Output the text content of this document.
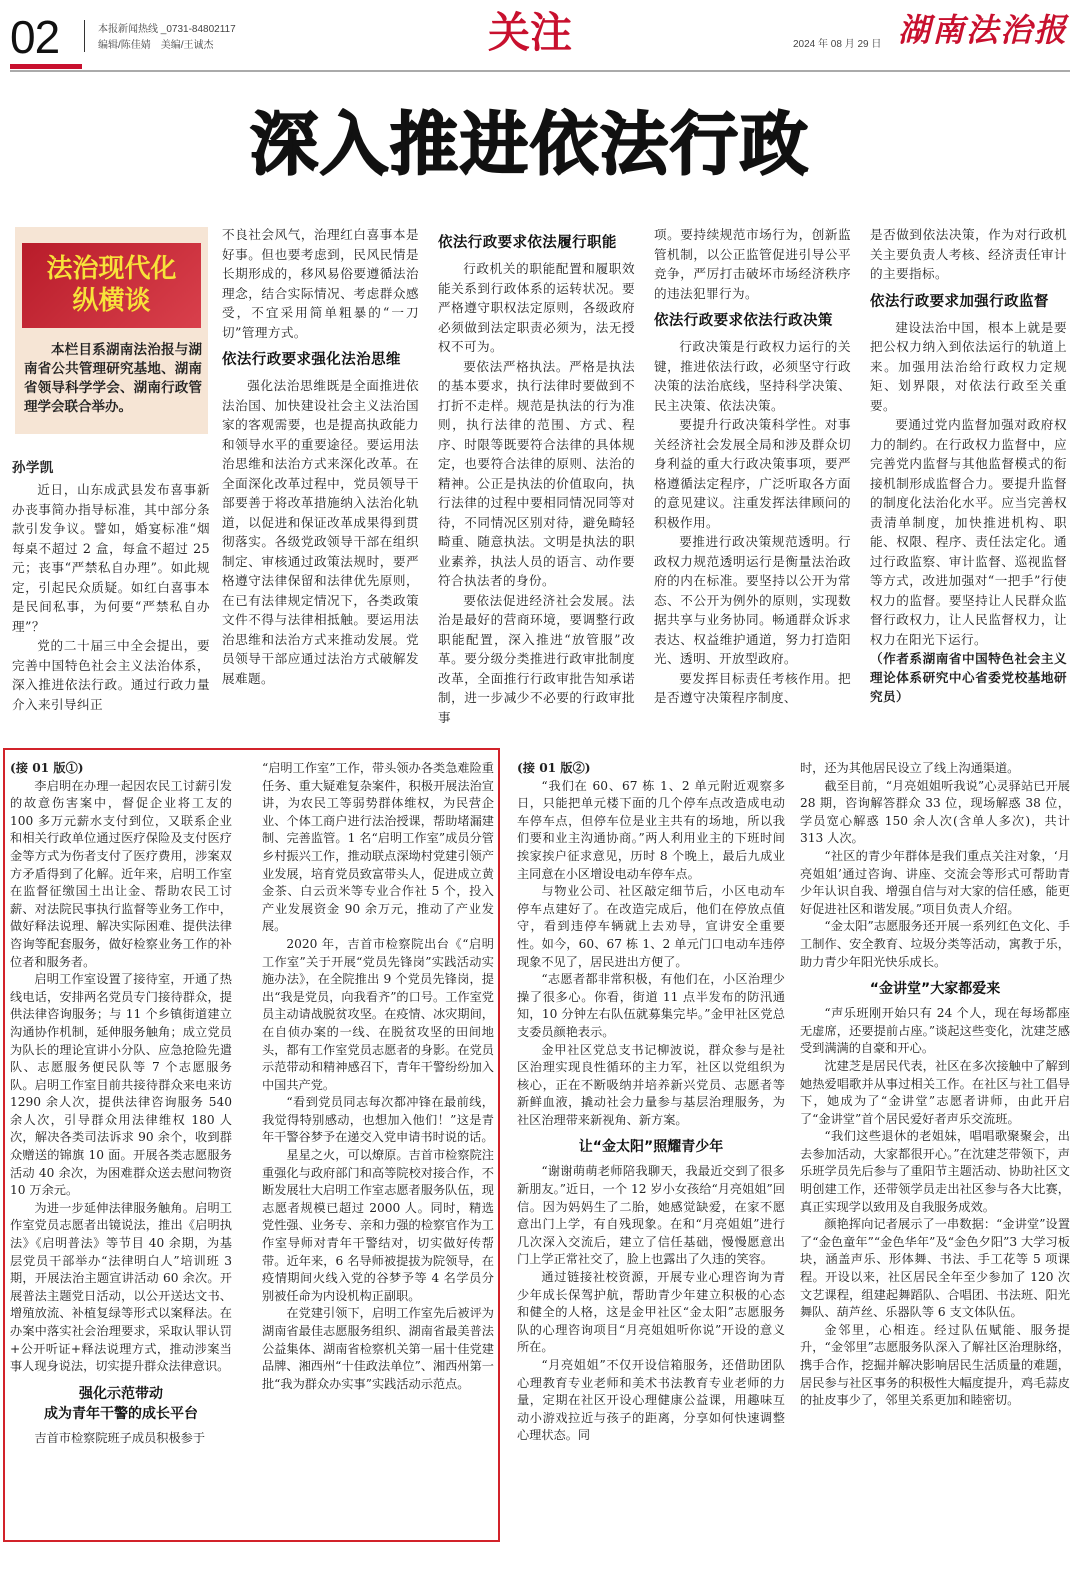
02	本报新闻热线 _0731-84802117
编辑/陈佳婧　美编/王诚杰	关注	2024 年 08 月 29 日 湖南法治报
深入推进依法行政
法治现代化
纵横谈
本栏目系湖南法治报与湖南省公共管理研究基地、湖南省领导科学学会、湖南行政管理学会联合举办。

孙学凯

近日，山东成武县发布喜事新办丧事简办指导标准，其中部分条款引发争议。譬如，婚宴标准“烟每桌不超过 2 盒，每盒不超过 25 元；丧事“严禁私自办理”。如此规定，引起民众质疑。如红白喜事本是民间私事，为何要“严禁私自办理”？

党的二十届三中全会提出，要完善中国特色社会主义法治体系，深入推进依法行政。通过行政力量介入来引导纠正

不良社会风气，治理红白喜事本是好事。但也要考虑到，民风民情是长期形成的，移风易俗要遵循法治理念，结合实际情况、考虑群众感受，不宜采用简单粗暴的“一刀切”管理方式。

依法行政要求强化法治思维

强化法治思维既是全面推进依法治国、加快建设社会主义法治国家的客观需要，也是提高执政能力和领导水平的重要途径。要运用法治思维和法治方式来深化改革。在全面深化改革过程中，党员领导干部要善于将改革措施纳入法治化轨道，以促进和保证改革成果得到贯彻落实。各级党政领导干部在组织制定、审核通过政策法规时，要严格遵守法律保留和法律优先原则，在已有法律规定情况下，各类政策文件不得与法律相抵触。要运用法治思维和法治方式来推动发展。党员领导干部应通过法治方式破解发展难题。

依法行政要求依法履行职能

行政机关的职能配置和履职效能关系到行政体系的运转状况。要严格遵守职权法定原则，各级政府必须做到法定职责必须为，法无授权不可为。

要依法严格执法。严格是执法的基本要求，执行法律时要做到不打折不走样。规范是执法的行为准则，执行法律的范围、方式、程序、时限等既要符合法律的具体规定，也要符合法律的原则、法治的精神。公正是执法的价值取向，执行法律的过程中要相同情况同等对待，不同情况区别对待，避免畸轻畸重、随意执法。文明是执法的职业素养，执法人员的语言、动作要符合执法者的身份。

要依法促进经济社会发展。法治是最好的营商环境，要调整行政职能配置，深入推进“放管服”改革。要分级分类推进行政审批制度改革，全面推行行政审批告知承诺制，进一步减少不必要的行政审批事

项。要持续规范市场行为，创新监管机制，以公正监管促进引导公平竞争，严厉打击破坏市场经济秩序的违法犯罪行为。

依法行政要求依法行政决策

行政决策是行政权力运行的关键，推进依法行政，必须坚守行政决策的法治底线，坚持科学决策、民主决策、依法决策。

要提升行政决策科学性。对事关经济社会发展全局和涉及群众切身利益的重大行政决策事项，要严格遵循法定程序，广泛听取各方面的意见建议。注重发挥法律顾问的积极作用。

要推进行政决策规范透明。行政权力规范透明运行是衡量法治政府的内在标准。要坚持以公开为常态、不公开为例外的原则，实现数据共享与业务协同。畅通群众诉求表达、权益维护通道，努力打造阳光、透明、开放型政府。

要发挥目标责任考核作用。把是否遵守决策程序制度、

是否做到依法决策，作为对行政机关主要负责人考核、经济责任审计的主要指标。

依法行政要求加强行政监督

建设法治中国，根本上就是要把公权力纳入到依法运行的轨道上来。加强用法治给行政权力定规矩、划界限，对依法行政至关重要。

要通过党内监督加强对政府权力的制约。在行政权力监督中，应完善党内监督与其他监督模式的衔接机制形成监督合力。要提升监督的制度化法治化水平。应当完善权责清单制度，加快推进机构、职能、权限、程序、责任法定化。通过行政监察、审计监督、巡视监督等方式，改进加强对“一把手”行使权力的监督。要坚持让人民群众监督行政权力，让人民监督权力，让权力在阳光下运行。

（作者系湖南省中国特色社会主义理论体系研究中心省委党校基地研究员）

(接 01 版①)

李启明在办理一起因农民工讨薪引发的故意伤害案中，督促企业将工友的 100 多万元薪水支付到位，又联系企业和相关行政单位通过医疗保险及支付医疗金等方式为伤者支付了医疗费用，涉案双方矛盾得到了化解。近年来，启明工作室在监督征缴国土出让金、帮助农民工讨薪、对法院民事执行监督等业务工作中，做好释法说理、解决实际困难、提供法律咨询等配套服务，做好检察业务工作的补位者和服务者。

启明工作室设置了接待室，开通了热线电话，安排两名党员专门接待群众，提供法律咨询服务；与 11 个乡镇街道建立沟通协作机制，延伸服务触角；成立党员为队长的理论宣讲小分队、应急抢险先遣队、志愿服务便民队等 7 个志愿服务队。启明工作室目前共接待群众来电来访 1290 余人次，提供法律咨询服务 540 余人次，引导群众用法律维权 180 人次，解决各类司法诉求 90 余个，收到群众赠送的锦旗 10 面。开展各类志愿服务活动 40 余次，为困难群众送去慰问物资 10 万余元。

为进一步延伸法律服务触角。启明工作室党员志愿者出镜说法，推出《启明执法》《启明普法》等节目 40 余期，为基层党员干部举办“法律明白人”培训班 3 期，开展法治主题宣讲活动 60 余次。开展普法主题党日活动，以公开送达文书、增殖放流、补植复绿等形式以案释法。在办案中落实社会治理要求，采取认罪认罚+公开听证+释法说理方式，推动涉案当事人现身说法，切实提升群众法律意识。

强化示范带动
成为青年干警的成长平台

吉首市检察院班子成员积极参于

“启明工作室”工作，带头领办各类急难险重任务、重大疑难复杂案件，积极开展法治宣讲，为农民工等弱势群体维权，为民营企业、个体工商户进行法治授课，帮助堵漏建制、完善监管。1 名“启明工作室”成员分管乡村振兴工作，推动联点深坳村党建引领产业发展，培育党员致富带头人，促进成立黄金茶、白云贡米等专业合作社 5 个，投入产业发展资金 90 余万元，推动了产业发展。

2020 年，吉首市检察院出台《“启明工作室”关于开展“党员先锋岗”实践活动实施办法》，在全院推出 9 个党员先锋岗，提出“我是党员，向我看齐”的口号。工作室党员主动请战脱贫攻坚。在疫情、冰灾期间，在自侦办案的一线、在脱贫攻坚的田间地头，都有工作室党员志愿者的身影。在党员示范带动和精神感召下，青年干警纷纷加入中国共产党。

“看到党员同志每次都冲锋在最前线，我觉得特别感动，也想加入他们！”这是青年干警谷梦予在递交入党申请书时说的话。

星星之火，可以燎原。吉首市检察院注重强化与政府部门和高等院校对接合作，不断发展壮大启明工作室志愿者服务队伍，现志愿者规模已超过 2000 人。同时，精选党性强、业务专、亲和力强的检察官作为工作室导师对青年干警结对，切实做好传帮带。近年来，6 名导师被提拔为院领导，在疫情期间火线入党的谷梦予等 4 名学员分别被任命为内设机构正副职。

在党建引领下，启明工作室先后被评为湖南省最佳志愿服务组织、湖南省最美普法公益集体、湖南省检察机关第一届十佳党建品牌、湘西州“十佳政法单位”、湘西州第一批“我为群众办实事”实践活动示范点。

(接 01 版②)

“我们在 60、67 栋 1、2 单元附近观察多日，只能把单元楼下面的几个停车点改造成电动车停车点，但停车位是业主共有的场地，所以我们要和业主沟通协商。”两人利用业主的下班时间挨家挨户征求意见，历时 8 个晚上，最后九成业主同意在小区增设电动车停车点。

与物业公司、社区敲定细节后，小区电动车停车点建好了。在改造完成后，他们在停放点值守，看到违停车辆就上去劝导，宣讲安全重要性。如今，60、67 栋 1、2 单元门口电动车违停现象不见了，居民进出方便了。

“志愿者都非常积极，有他们在，小区治理少操了很多心。你看，街道 11 点半发布的防汛通知，10 分钟左右队伍就募集完毕。”金甲社区党总支委员颜艳表示。

金甲社区党总支书记柳波说，群众参与是社区治理实现良性循环的主力军，社区以党组织为核心，正在不断吸纳并培养新兴党员、志愿者等新鲜血液，撬动社会力量参与基层治理服务，为社区治理带来新视角、新方案。

让“金太阳”照耀青少年

“谢谢萌萌老师陪我聊天，我最近交到了很多新朋友。”近日，一个 12 岁小女孩给“月亮姐姐”回信。因为妈妈生了二胎，她感觉缺爱，在家不愿意出门上学，有自残现象。在和“月亮姐姐”进行几次深入交流后，建立了信任基础，慢慢愿意出门上学正常社交了，脸上也露出了久违的笑容。

通过链接社校资源，开展专业心理咨询为青少年成长保驾护航，帮助青少年建立积极的心态和健全的人格，这是金甲社区“金太阳”志愿服务队的心理咨询项目“月亮姐姐听你说”开设的意义所在。

“月亮姐姐”不仅开设信箱服务，还借助团队心理教育专业老师和美术书法教育专业老师的力量，定期在社区开设心理健康公益课，用趣味互动小游戏拉近与孩子的距离，分享如何快速调整心理状态。同

时，还为其他居民设立了线上沟通渠道。

截至目前，“月亮姐姐听我说”心灵驿站已开展 28 期，咨询解答群众 33 位，现场解惑 38 位，学员宽心解惑 150 余人次(含单人多次)，共计 313 人次。

“社区的青少年群体是我们重点关注对象，‘月亮姐姐’通过咨询、讲座、交流会等形式可帮助青少年认识自我、增强自信与对大家的信任感，能更好促进社区和谐发展。”项目负责人介绍。

“金太阳”志愿服务还开展一系列红色文化、手工制作、安全教育、垃圾分类等活动，寓教于乐，助力青少年阳光快乐成长。

“金讲堂”大家都爱来

“声乐班刚开始只有 24 个人，现在每场都座无虚席，还要提前占座。”谈起这些变化，沈建芝感受到满满的自豪和开心。

沈建芝是居民代表，社区在多次接触中了解到她热爱唱歌并从事过相关工作。在社区与社工倡导下，她成为了“金讲堂”志愿者讲师，由此开启了“金讲堂”首个居民爱好者声乐交流班。

“我们这些退休的老姐妹，唱唱歌聚聚会，出去参加活动，大家都很开心。”在沈建芝带领下，声乐班学员先后参与了重阳节主题活动、协助社区文明创建工作，还带领学员走出社区参与各大比赛，真正实现学以致用及自我服务成效。

颜艳挥向记者展示了一串数据：“金讲堂”设置了“金色童年”“金色华年”及“金色夕阳”3 大学习板块，涵盖声乐、形体舞、书法、手工花等 5 项课程。开设以来，社区居民全年至少参加了 120 次文艺课程，组建起舞蹈队、合唱团、书法班、阳光舞队、葫芦丝、乐器队等 6 支文体队伍。

金邻里，心相连。经过队伍赋能、服务提升，“金邻里”志愿服务队深入了解社区治理脉络，携手合作，挖掘并解决影响居民生活质量的难题，居民参与社区事务的积极性大幅度提升，鸡毛蒜皮的扯皮事少了，邻里关系更加和睦密切。
